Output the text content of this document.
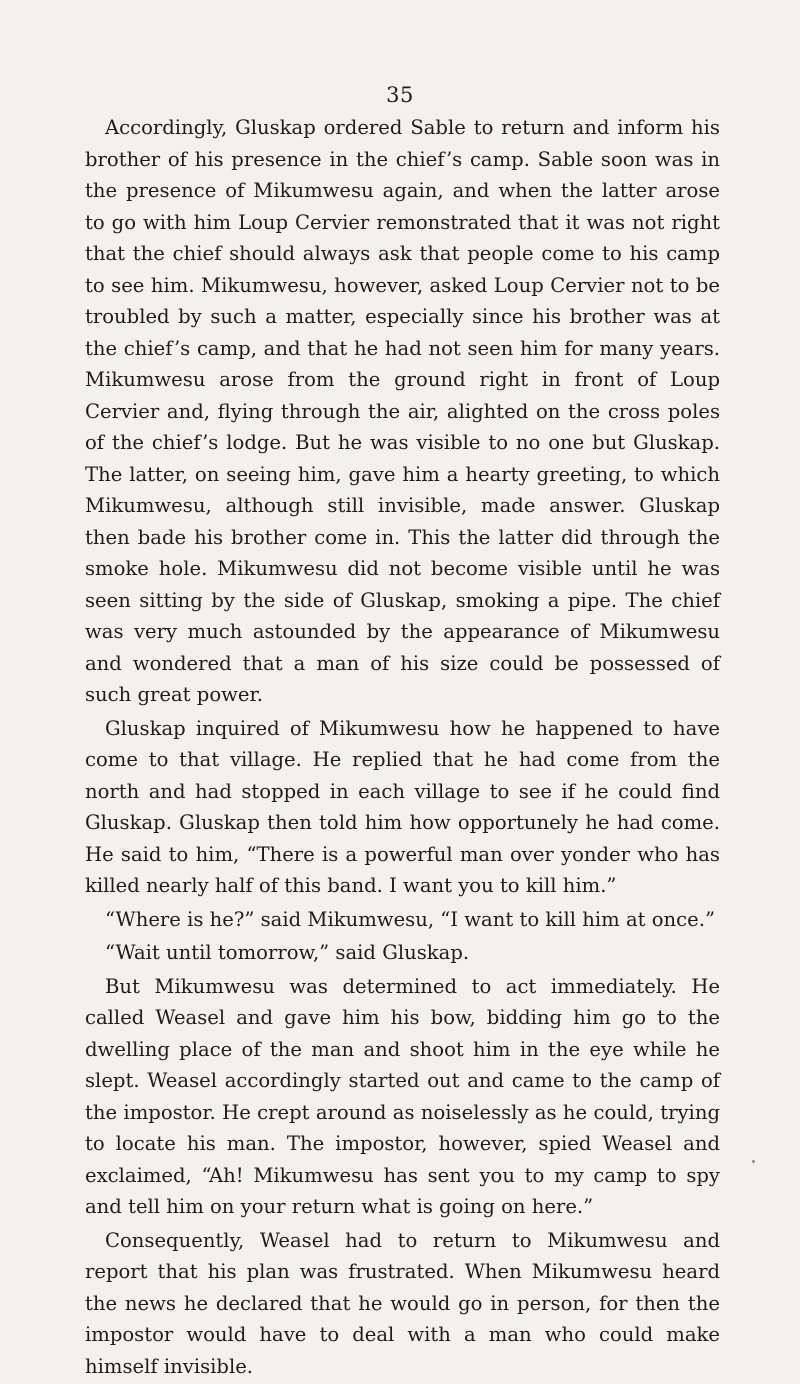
35

Accordingly, Gluskap ordered Sable to return and inform his brother of his presence in the chief’s camp. Sable soon was in the presence of Mikumwesu again, and when the latter arose to go with him Loup Cervier remonstrated that it was not right that the chief should always ask that people come to his camp to see him. Mikumwesu, however, asked Loup Cervier not to be troubled by such a matter, especially since his brother was at the chief’s camp, and that he had not seen him for many years. Mikumwesu arose from the ground right in front of Loup Cervier and, flying through the air, alighted on the cross poles of the chief’s lodge. But he was visible to no one but Gluskap. The latter, on seeing him, gave him a hearty greeting, to which Mikumwesu, although still invisible, made answer. Gluskap then bade his brother come in. This the latter did through the smoke hole. Mikumwesu did not become visible until he was seen sitting by the side of Gluskap, smoking a pipe. The chief was very much astounded by the appearance of Mikumwesu and wondered that a man of his size could be possessed of such great power.

Gluskap inquired of Mikumwesu how he happened to have come to that village. He replied that he had come from the north and had stopped in each village to see if he could find Gluskap. Gluskap then told him how opportunely he had come. He said to him, “There is a powerful man over yonder who has killed nearly half of this band. I want you to kill him.”

“Where is he?” said Mikumwesu, “I want to kill him at once.”

“Wait until tomorrow,” said Gluskap.

But Mikumwesu was determined to act immediately. He called Weasel and gave him his bow, bidding him go to the dwelling place of the man and shoot him in the eye while he slept. Weasel accordingly started out and came to the camp of the impostor. He crept around as noiselessly as he could, trying to locate his man. The impostor, however, spied Weasel and exclaimed, “Ah! Mikumwesu has sent you to my camp to spy and tell him on your return what is going on here.”

Consequently, Weasel had to return to Mikumwesu and report that his plan was frustrated. When Mikumwesu heard the news he declared that he would go in person, for then the impostor would have to deal with a man who could make himself invisible.
